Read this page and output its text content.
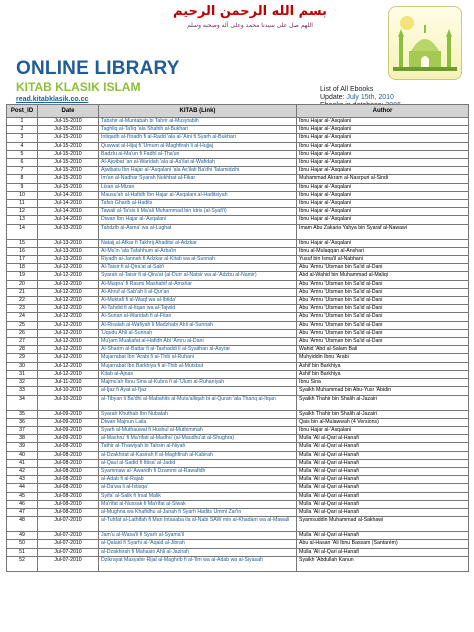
بسم الله الرحمن الرحيم
اللهم صل على سيدنا محمد وعلى آله وصحبه وسلم
ONLINE LIBRARY
KITAB KLASIK ISLAM
read.kitabklasik.co.cc
List of All Ebooks
Update: July 15th, 2010
Post_ID	Date	KITAB (Link)	Author
1	Jul-15-2010	Tabshir al-Muntabah bi Tahrir al-Musytabih	Ibnu Hajar al-'Asqalani
2	Jul-15-2010	Taghliq al-Ta'liq 'ala Shahih al-Bukhari	Ibnu Hajar al-'Asqalani
3	Jul-15-2010	Intiqadh al-I'tiradh fi al-Radd 'ala al-'Aini fi Syarh al-Bukhari	Ibnu Hajar al-'Asqalani
4	Jul-15-2010	Quwwat al-Hijaj fi 'Umum al-Maghfirah li al-Hujjaj	Ibnu Hajar al-'Asqalani
5	Jul-15-2010	Badzlu al-Ma'un fi Fadhl al-Tha'un	Ibnu Hajar al-'Asqalani
6	Jul-15-2010	Al-Ajwibat 'an al-Waridah 'ala al-As'ilat al-Wafidah	Ibnu Hajar al-'Asqalani
7	Jul-15-2010	Ajwibatu Ibn Hajar al-'Asqalani 'ala As'ilati Ba'dhi Talamidzihi	Ibnu Hajar al-'Asqalani
8	Jul-15-2010	Im'an al-Nadhar Syarah Nukhbat al-Fikar	Muhammad Akram al-Nasrpuri al-Sindi
9	Jul-15-2010	Lisan al-Mizan	Ibnu Hajar al-'Asqalani
10	Jul-14-2010	Mausu'ah al-Hafidh Ibn Hajar al-'Asqalani al-Haditsiyah	Ibnu Hajar al-'Asqalani
11	Jul-14-2010	Tafsir Gharib al-Hadits	Ibnu Hajar al-'Asqalani
12	Jul-14-2010	Tawali al-Ta'sis li Ma'ali Muhammad bin Idris (al-Syafi'i)	Ibnu Hajar al-'Asqalani
13	Jul-14-2010	Diwan Ibn Hajar al-'Asqalani	Ibnu Hajar al-'Asqalani
14	Jul-13-2010	Tahdzib al-Asma' wa al-Lughat	Imam Abu Zakaria Yahya bin Syaraf al-Nawawi
15	Jul-13-2010	Nataij al-Afkar fi Takhrij Ahaditsi al-Adzkar	Ibnu Hajar al-'Asqalani
16	Jul-13-2010	Al-Mu'in 'ala Tafahhum al-Arba'in	Ibnu al-Mulaqqan al-Anshari
17	Jul-13-2010	Riyadh al-Jannah fi Adzkar al-Kitab wa al-Sunnah	Yusuf bin Isma'il al-Nabhani
18	Jul-12-2010	Al-Taisir fi al-Qira'at al-Sab'i	Abu 'Amru 'Utsman bin Sa'id al-Dani
19	Jul-12-2010	Syarah al-Taisir fi al-Qira'at (al-Durr al-Natsir wa al-'Adzbu al-Namir)	Abd al-Wahid bin Muhammad al-Maliqi
20	Jul-12-2010	Al-Muqna' fi Rasmi Mashahif al-Amshar	Abu 'Amru 'Utsman bin Sa'id al-Dani
21	Jul-12-2010	Al-Ahruf al-Sab'ah li al-Qur'an	Abu 'Amru 'Utsman bin Sa'id al-Dani
22	Jul-12-2010	Al-Muktafi fi al-Waqf wa al-Ibtida'	Abu 'Amru 'Utsman bin Sa'id al-Dani
23	Jul-12-2010	Al-Tahdid fi al-Itqan wa al-Tajwid	Abu 'Amru 'Utsman bin Sa'id al-Dani
24	Jul-12-2010	Al-Sunan al-Waridah fi al-Fitan	Abu 'Amru 'Utsman bin Sa'id al-Dani
25	Jul-12-2010	Al-Risalah al-Wafiyah li Madzhabi Ahli al-Sunnah	Abu 'Amru 'Utsman bin Sa'id al-Dani
26	Jul-12-2010	'Uqudu Ahli al-Sunnah	Abu 'Amru 'Utsman bin Sa'id al-Dani
27	Jul-12-2010	Mu'jam Mualiafat al-Hafidh Abi 'Amru al-Dani	Abu 'Amru 'Utsman bin Sa'id al-Dani
28	Jul-12-2010	Al-Sharim al-Battar fi al-Tashaddi li al-Syaithan al-Asyrar	Wahid 'Abd al-Salam Bali
29	Jul-12-2010	Mujarrabat Ibn 'Arabi fi al-Thib al-Ruhani	Muhyiddin Ibnu 'Arabi
30	Jul-12-2010	Mujarrabat Ibn Barkhiya fi al-Thib al-Mutsbut	Ashif bin Barkhiya
31	Jul-12-2010	Kitab al-Ajnas	Ashif bin Barkhiya
32	Jul-11-2010	Majmu'ah Ibnu Sina al-Kubra fi al-'Ulum al-Ruhaniyah	Ibnu Sina
33	Jul-10-2010	al-Ijaz fi Ayat al-I'jaz	Syaikh Muhammad bin Abu-Yusr 'Abidin
34	Jul-10-2010	al-Tibyan li Ba'dhi al-Mabahits al-Muta'alliqah bi al-Quran 'ala Thariq al-Itqan	Syaikh Thahir bin Shalih al-Jazairi
35	Jul-09-2010	Syarah Khuthab Ibn Nubatah	Syaikh Thahir bin Shalih al-Jazairi
36	Jul-09-2010	Diwan Majnun Laila	Qais bin al-Mulawwah (4 Versions)
37	Jul-09-2010	Syarh al-Muthauwal fi Hushul al-Muthimmah	Ibnu Hajar al-'Asqalani
38	Jul-09-2010	al-Mashru' fi Ma'rifati al-Madhu' (al-Maudhu'at al-Shughra)	Mulla 'Ali al-Qari al-Hanafi
39	Jul-08-2010	Tathir al-Thawiyah bi Tahsin al-Niyah	Mulla 'Ali al-Qari al-Hanafi
40	Jul-08-2010	al-Dzakhirat al-Kasirah fi al-Maghfirah al-Kabirah	Mulla 'Ali al-Qari al-Hanafi
41	Jul-08-2010	al-Qaul al-Sadid fi Ittisa' al-Jadid	Mulla 'Ali al-Qari al-Hanafi
42	Jul-08-2010	Syammaw al-'Awaridh fi Dzammi al-Rawafidh	Mulla 'Ali al-Qari al-Hanafi
43	Jul-08-2010	al-Adab fi al-Rajab	Mulla 'Ali al-Qari al-Hanafi
44	Jul-08-2010	al-Da'wa li al-Istisqa'	Mulla 'Ali al-Qari al-Hanafi
45	Jul-08-2010	Syifa' al-Salik fi Irsal Malik	Mulla 'Ali al-Qari al-Hanafi
46	Jul-08-2010	Ma'rifat al-Nussak fi Ma'rifat al-Siwak	Mulla 'Ali al-Qari al-Hanafi
47	Jul-08-2010	al-Mughna wa Khafidhu al-Janah fi Syarh Hadits Ummi Zar'in	Mulla 'Ali al-Qari al-Hanafi
48	Jul-07-2010	al-Tuhfat al-Lathifah fi Man Intasaba ila al-Nabi SAW min al-Khadam wa al-Mawali	Syamsuddin Muhammad al-Sakhawi
49	Jul-07-2010	Jam'u al-Wasa'il fi Syarh al-Syama'il	Mulla 'Ali al-Qari al-Hanafi
50	Jul-07-2010	al-Qalaid fi Syarhi al-'Aqaid al-Jibrah	Abu al-Hasan 'Ali Ibnu Bassam (Santarém)
51	Jul-07-2010	al-Dzakhirah fi Mahasin Ahli al-Jazirah	Mulla 'Ali al-Qari al-Hanafi
52	Jul-07-2010	Dzikrayat Masyahir Rijal al-Maghrib fi al-'Ilm wa al-Adab wa al-Siyasah	Syaikh 'Abdullah Kanun
